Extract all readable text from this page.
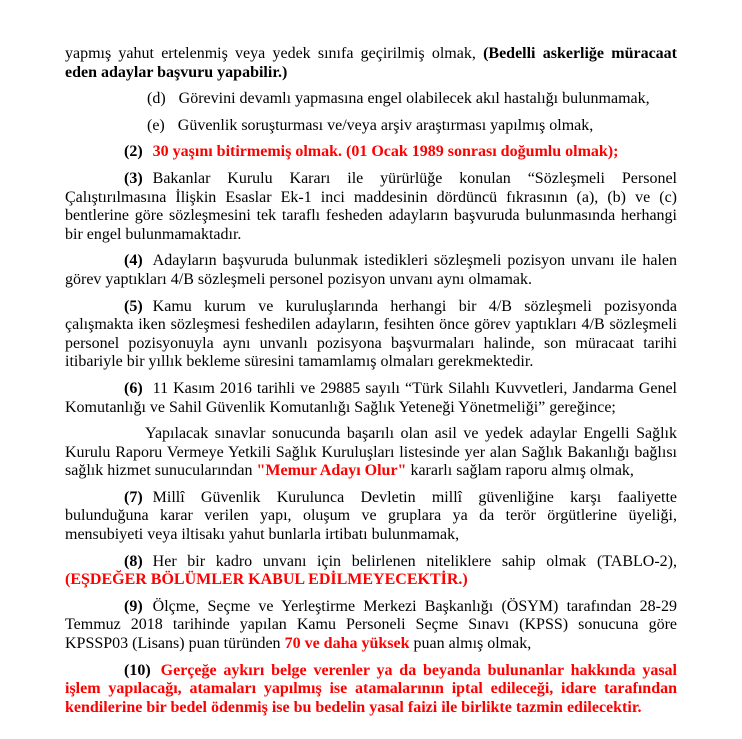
yapmış yahut ertelenmiş veya yedek sınıfa geçirilmiş olmak, (Bedelli askerliğe müracaat eden adaylar başvuru yapabilir.)

(d) Görevini devamlı yapmasına engel olabilecek akıl hastalığı bulunmamak,

(e) Güvenlik soruşturması ve/veya arşiv araştırması yapılmış olmak,

(2) 30 yaşını bitirmemiş olmak. (01 Ocak 1989 sonrası doğumlu olmak);

(3) Bakanlar Kurulu Kararı ile yürürlüğe konulan “Sözleşmeli Personel Çalıştırılmasına İlişkin Esaslar Ek-1 inci maddesinin dördüncü fıkrasının (a), (b) ve (c) bentlerine göre sözleşmesini tek taraflı fesheden adayların başvuruda bulunmasında herhangi bir engel bulunmamaktadır.

(4) Adayların başvuruda bulunmak istedikleri sözleşmeli pozisyon unvanı ile halen görev yaptıkları 4/B sözleşmeli personel pozisyon unvanı aynı olmamak.

(5) Kamu kurum ve kuruluşlarında herhangi bir 4/B sözleşmeli pozisyonda çalışmakta iken sözleşmesi feshedilen adayların, fesihten önce görev yaptıkları 4/B sözleşmeli personel pozisyonuyla aynı unvanlı pozisyona başvurmaları halinde, son müracaat tarihi itibariyle bir yıllık bekleme süresini tamamlamış olmaları gerekmektedir.

(6) 11 Kasım 2016 tarihli ve 29885 sayılı “Türk Silahlı Kuvvetleri, Jandarma Genel Komutanlığı ve Sahil Güvenlik Komutanlığı Sağlık Yeteneği Yönetmeliği” gereğince;

Yapılacak sınavlar sonucunda başarılı olan asil ve yedek adaylar Engelli Sağlık Kurulu Raporu Vermeye Yetkili Sağlık Kuruluşları listesinde yer alan Sağlık Bakanlığı bağlısı sağlık hizmet sunucularından "Memur Adayı Olur" kararlı sağlam raporu almış olmak,

(7) Millî Güvenlik Kurulunca Devletin millî güvenliğine karşı faaliyette bulunduğuna karar verilen yapı, oluşum ve gruplara ya da terör örgütlerine üyeliği, mensubiyeti veya iltisakı yahut bunlarla irtibatı bulunmamak,

(8) Her bir kadro unvanı için belirlenen niteliklere sahip olmak (TABLO-2), (EŞDEĞER BÖLÜMLER KABUL EDİLMEYECEKTİR.)

(9) Ölçme, Seçme ve Yerleştirme Merkezi Başkanlığı (ÖSYM) tarafından 28-29 Temmuz 2018 tarihinde yapılan Kamu Personeli Seçme Sınavı (KPSS) sonucuna göre KPSSP03 (Lisans) puan türünden 70 ve daha yüksek puan almış olmak,

(10) Gerçeğe aykırı belge verenler ya da beyanda bulunanlar hakkında yasal işlem yapılacağı, atamaları yapılmış ise atamalarının iptal edileceği, idare tarafından kendilerine bir bedel ödenmiş ise bu bedelin yasal faizi ile birlikte tazmin edilecektir.
